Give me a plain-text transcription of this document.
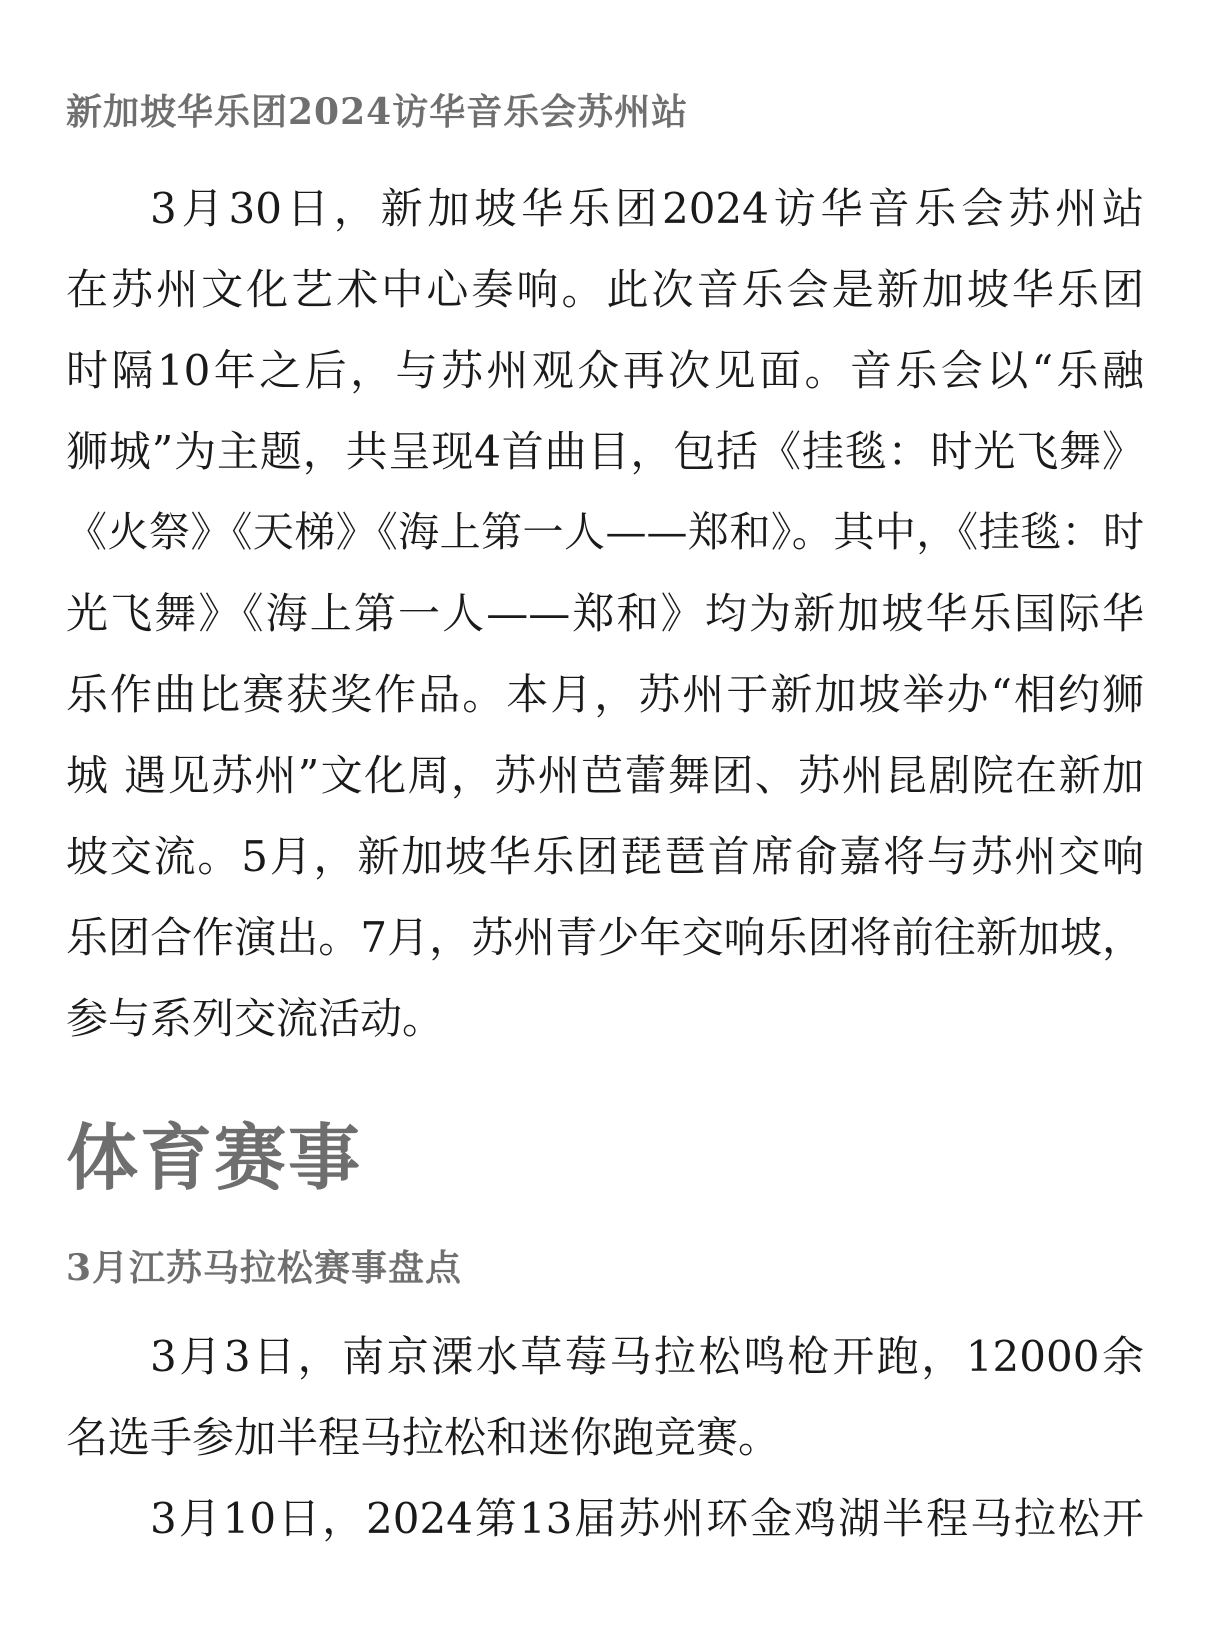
新加坡华乐团2024访华音乐会苏州站
3月30日，新加坡华乐团2024访华音乐会苏州站
在苏州文化艺术中心奏响。此次音乐会是新加坡华乐团
时隔10年之后，与苏州观众再次见面。音乐会以“乐融
狮城”为主题，共呈现4首曲目，包括《挂毯：时光飞舞》
《火祭》《天梯》《海上第一人——郑和》。其中，《挂毯：时
光飞舞》《海上第一人——郑和》均为新加坡华乐国际华
乐作曲比赛获奖作品。本月，苏州于新加坡举办“相约狮
城 遇见苏州”文化周，苏州芭蕾舞团、苏州昆剧院在新加
坡交流。5月，新加坡华乐团琵琶首席俞嘉将与苏州交响
乐团合作演出。7月，苏州青少年交响乐团将前往新加坡，
参与系列交流活动。
体育赛事
3月江苏马拉松赛事盘点
3月3日，南京溧水草莓马拉松鸣枪开跑，12000余
名选手参加半程马拉松和迷你跑竞赛。
3月10日，2024第13届苏州环金鸡湖半程马拉松开
